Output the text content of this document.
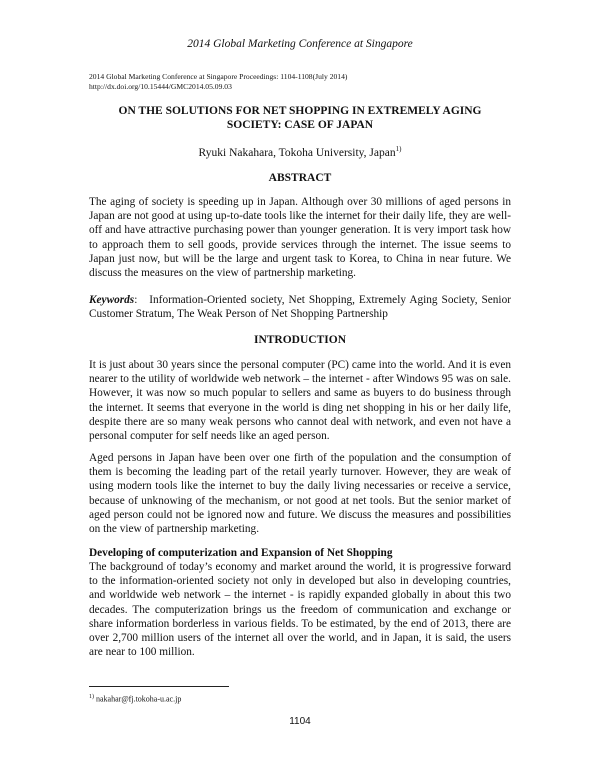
2014 Global Marketing Conference at Singapore
2014 Global Marketing Conference at Singapore Proceedings: 1104-1108(July 2014)
http://dx.doi.org/10.15444/GMC2014.05.09.03
ON THE SOLUTIONS FOR NET SHOPPING IN EXTREMELY AGING
SOCIETY: CASE OF JAPAN
Ryuki Nakahara, Tokoha University, Japan$^{1)}$
ABSTRACT
The aging of society is speeding up in Japan. Although over 30 millions of aged persons in Japan are not good at using up-to-date tools like the internet for their daily life, they are well-off and have attractive purchasing power than younger generation. It is very import task how to approach them to sell goods, provide services through the internet. The issue seems to Japan just now, but will be the large and urgent task to Korea, to China in near future. We discuss the measures on the view of partnership marketing.
Keywords: Information-Oriented society, Net Shopping, Extremely Aging Society, Senior Customer Stratum, The Weak Person of Net Shopping Partnership
INTRODUCTION
It is just about 30 years since the personal computer (PC) came into the world. And it is even nearer to the utility of worldwide web network – the internet - after Windows 95 was on sale. However, it was now so much popular to sellers and same as buyers to do business through the internet. It seems that everyone in the world is ding net shopping in his or her daily life, despite there are so many weak persons who cannot deal with network, and even not have a personal computer for self needs like an aged person.
Aged persons in Japan have been over one firth of the population and the consumption of them is becoming the leading part of the retail yearly turnover. However, they are weak of using modern tools like the internet to buy the daily living necessaries or receive a service, because of unknowing of the mechanism, or not good at net tools. But the senior market of aged person could not be ignored now and future. We discuss the measures and possibilities on the view of partnership marketing.
Developing of computerization and Expansion of Net Shopping
The background of today’s economy and market around the world, it is progressive forward to the information-oriented society not only in developed but also in developing countries, and worldwide web network – the internet - is rapidly expanded globally in about this two decades. The computerization brings us the freedom of communication and exchange or share information borderless in various fields. To be estimated, by the end of 2013, there are over 2,700 million users of the internet all over the world, and in Japan, it is said, the users are near to 100 million.
$^{1)}$ nakahar@fj.tokoha-u.ac.jp
1104
